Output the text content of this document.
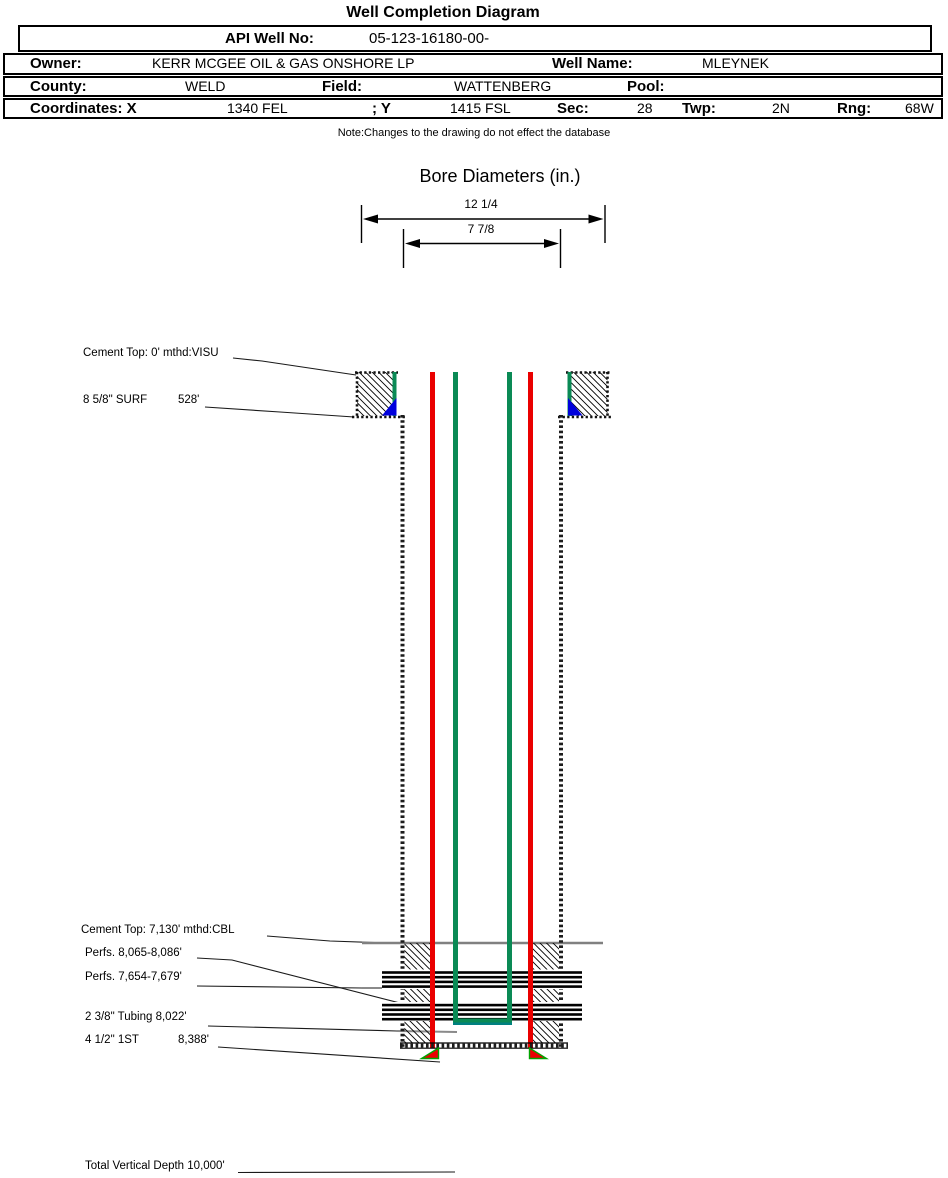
Well Completion Diagram
API Well No:	05-123-16180-00-
Owner:	KERR MCGEE OIL & GAS ONSHORE LP	Well Name:	MLEYNEK
County:	WELD	Field:	WATTENBERG	Pool:
Coordinates: X	1340 FEL	; Y	1415 FSL	Sec:	28 Twp:	2N	Rng: 68W
Note:Changes to the drawing do not effect the database
Bore Diameters (in.)
12 1/4
7 7/8
Cement Top: 0' mthd:VISU
8 5/8" SURF	528'
Cement Top: 7,130' mthd:CBL
Perfs. 8,065-8,086'
Perfs. 7,654-7,679'
2 3/8" Tubing 8,022'
4 1/2" 1ST	8,388'
Total Vertical Depth 10,000'
